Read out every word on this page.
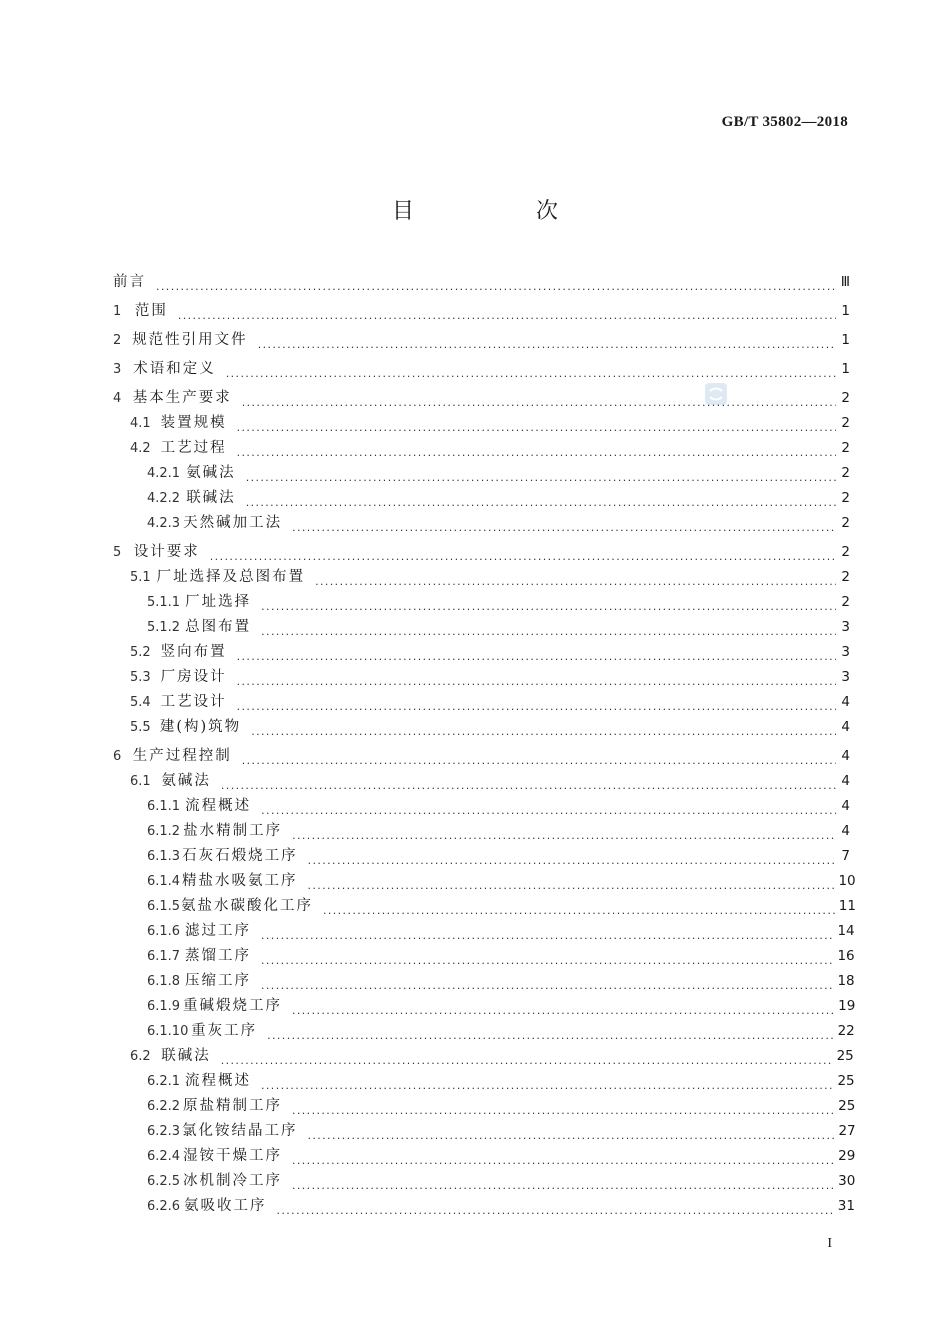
GB/T 35802—2018
目　次
前言 ·····	Ⅲ
1 范围 ·····	1
2 规范性引用文件 ·····	1
3 术语和定义 ·····	1
4 基本生产要求 ·····	2
4.1 装置规模 ·····	2
4.2 工艺过程 ·····	2
4.2.1 氨碱法 ·····	2
4.2.2 联碱法 ·····	2
4.2.3 天然碱加工法 ·····	2
5 设计要求 ·····	2
5.1 厂址选择及总图布置 ·····	2
5.1.1 厂址选择 ·····	2
5.1.2 总图布置 ·····	3
5.2 竖向布置 ·····	3
5.3 厂房设计 ·····	3
5.4 工艺设计 ·····	4
5.5 建(构)筑物 ·····	4
6 生产过程控制 ·····	4
6.1 氨碱法 ·····	4
6.1.1 流程概述 ·····	4
6.1.2 盐水精制工序 ·····	4
6.1.3 石灰石煅烧工序 ·····	7
6.1.4 精盐水吸氨工序 ·····	10
6.1.5 氨盐水碳酸化工序 ·····	11
6.1.6 滤过工序 ·····	14
6.1.7 蒸馏工序 ·····	16
6.1.8 压缩工序 ·····	18
6.1.9 重碱煅烧工序 ·····	19
6.1.10 重灰工序 ·····	22
6.2 联碱法 ·····	25
6.2.1 流程概述 ·····	25
6.2.2 原盐精制工序 ·····	25
6.2.3 氯化铵结晶工序 ·····	27
6.2.4 湿铵干燥工序 ·····	29
6.2.5 冰机制冷工序 ·····	30
6.2.6 氨吸收工序 ·····	31
I
